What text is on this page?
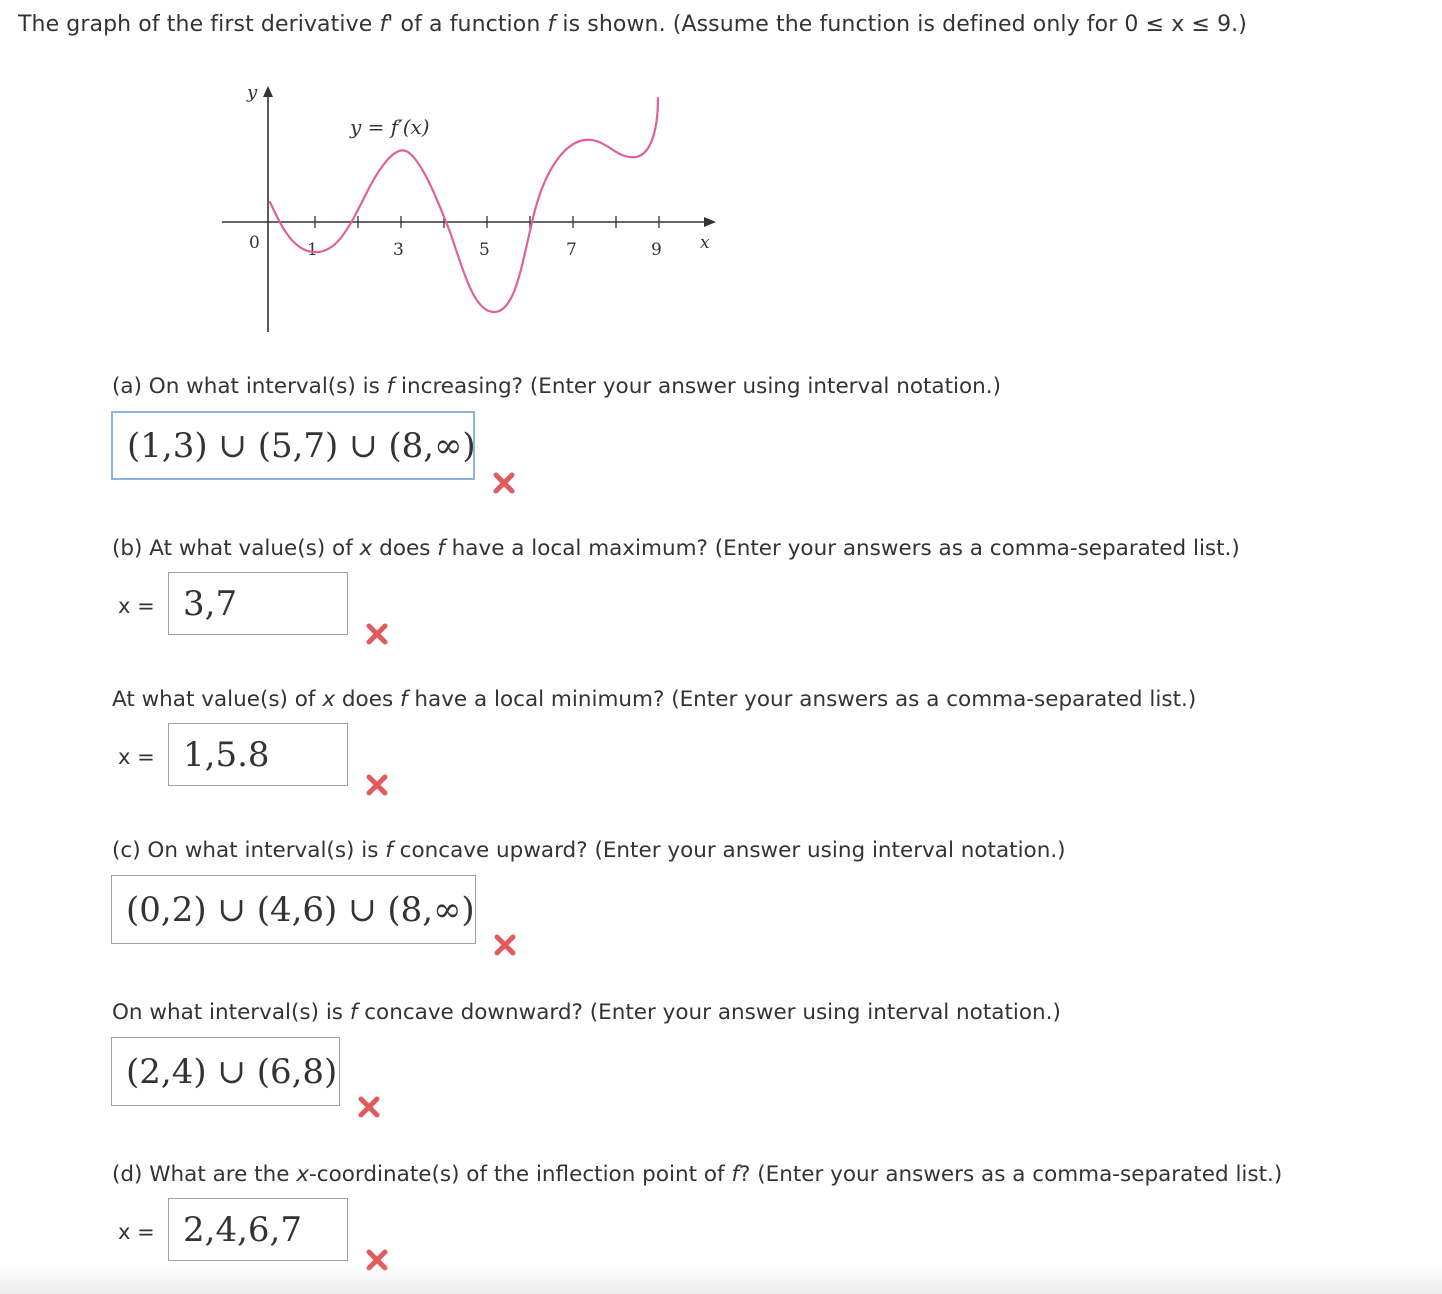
The graph of the first derivative f' of a function f is shown. (Assume the function is defined only for 0 ≤ x ≤ 9.)
y
x
0	1	3	5	7	9
y = f′(x)
(a) On what interval(s) is f increasing? (Enter your answer using interval notation.)
(1,3) ∪ (5,7) ∪ (8,∞)
(b) At what value(s) of x does f have a local maximum? (Enter your answers as a comma-separated list.)
x = 3,7
At what value(s) of x does f have a local minimum? (Enter your answers as a comma-separated list.)
x = 1,5.8
(c) On what interval(s) is f concave upward? (Enter your answer using interval notation.)
(0,2) ∪ (4,6) ∪ (8,∞)
On what interval(s) is f concave downward? (Enter your answer using interval notation.)
(2,4) ∪ (6,8)
(d) What are the x-coordinate(s) of the inflection point of f? (Enter your answers as a comma-separated list.)
x = 2,4,6,7
